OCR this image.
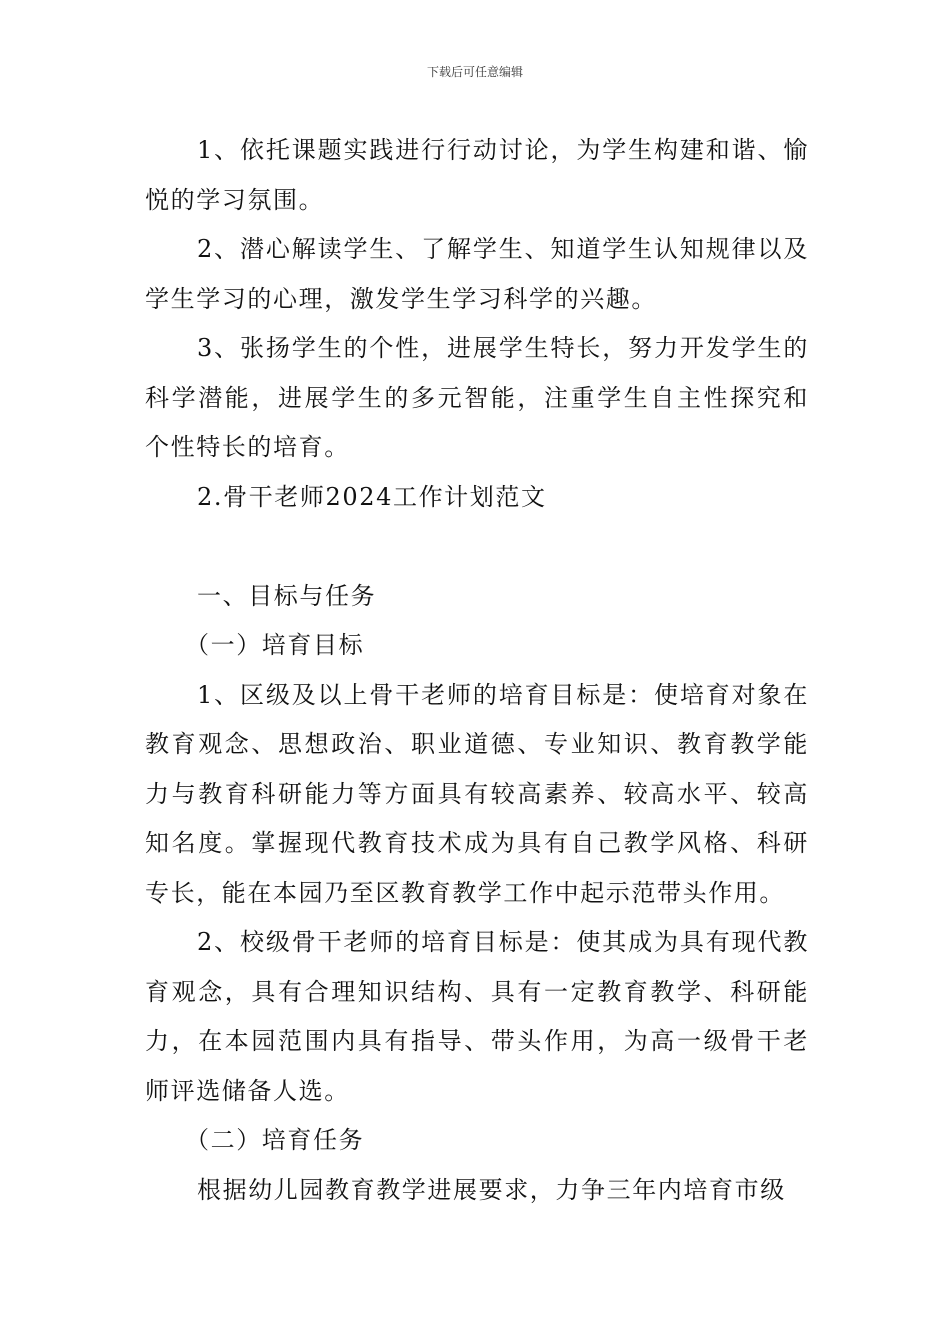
下载后可任意编辑

1、依托课题实践进行行动讨论，为学生构建和谐、愉悦的学习氛围。

2、潜心解读学生、了解学生、知道学生认知规律以及学生学习的心理，激发学生学习科学的兴趣。

3、张扬学生的个性，进展学生特长，努力开发学生的科学潜能，进展学生的多元智能，注重学生自主性探究和个性特长的培育。

2.骨干老师2024工作计划范文

一、目标与任务

（一）培育目标

1、区级及以上骨干老师的培育目标是：使培育对象在教育观念、思想政治、职业道德、专业知识、教育教学能力与教育科研能力等方面具有较高素养、较高水平、较高知名度。掌握现代教育技术成为具有自己教学风格、科研专长，能在本园乃至区教育教学工作中起示范带头作用。

2、校级骨干老师的培育目标是：使其成为具有现代教育观念，具有合理知识结构、具有一定教育教学、科研能力，在本园范围内具有指导、带头作用，为高一级骨干老师评选储备人选。

（二）培育任务

根据幼儿园教育教学进展要求，力争三年内培育市级
